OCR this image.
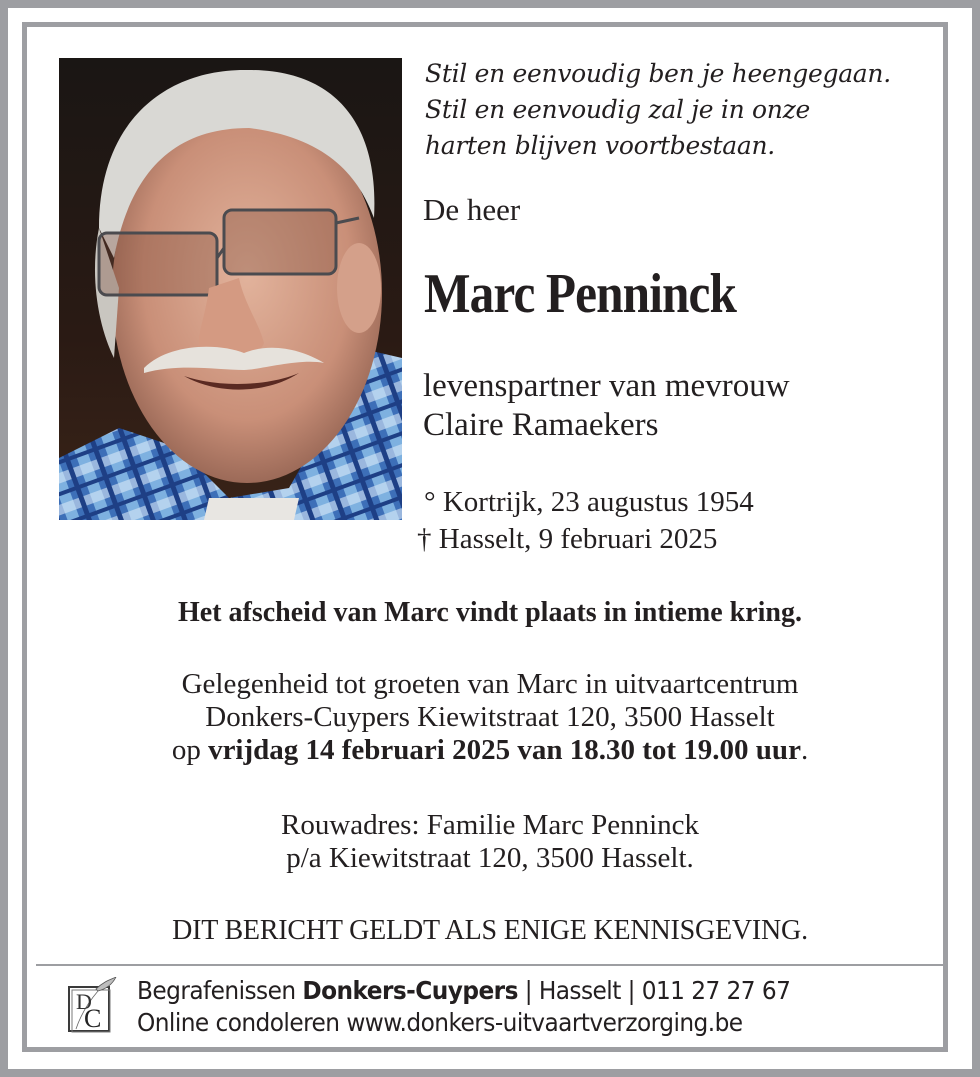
Stil en eenvoudig ben je heengegaan.
Stil en eenvoudig zal je in onze
harten blijven voortbestaan.
De heer
Marc Penninck
levenspartner van mevrouw
Claire Ramaekers
° Kortrijk, 23 augustus 1954
† Hasselt, 9 februari 2025
Het afscheid van Marc vindt plaats in intieme kring.
Gelegenheid tot groeten van Marc in uitvaartcentrum
Donkers-Cuypers Kiewitstraat 120, 3500 Hasselt
op vrijdag 14 februari 2025 van 18.30 tot 19.00 uur.
Rouwadres: Familie Marc Penninck
p/a Kiewitstraat 120, 3500 Hasselt.
DIT BERICHT GELDT ALS ENIGE KENNISGEVING.
D
C
Begrafenissen Donkers-Cuypers | Hasselt | 011 27 27 67
Online condoleren www.donkers-uitvaartverzorging.be
